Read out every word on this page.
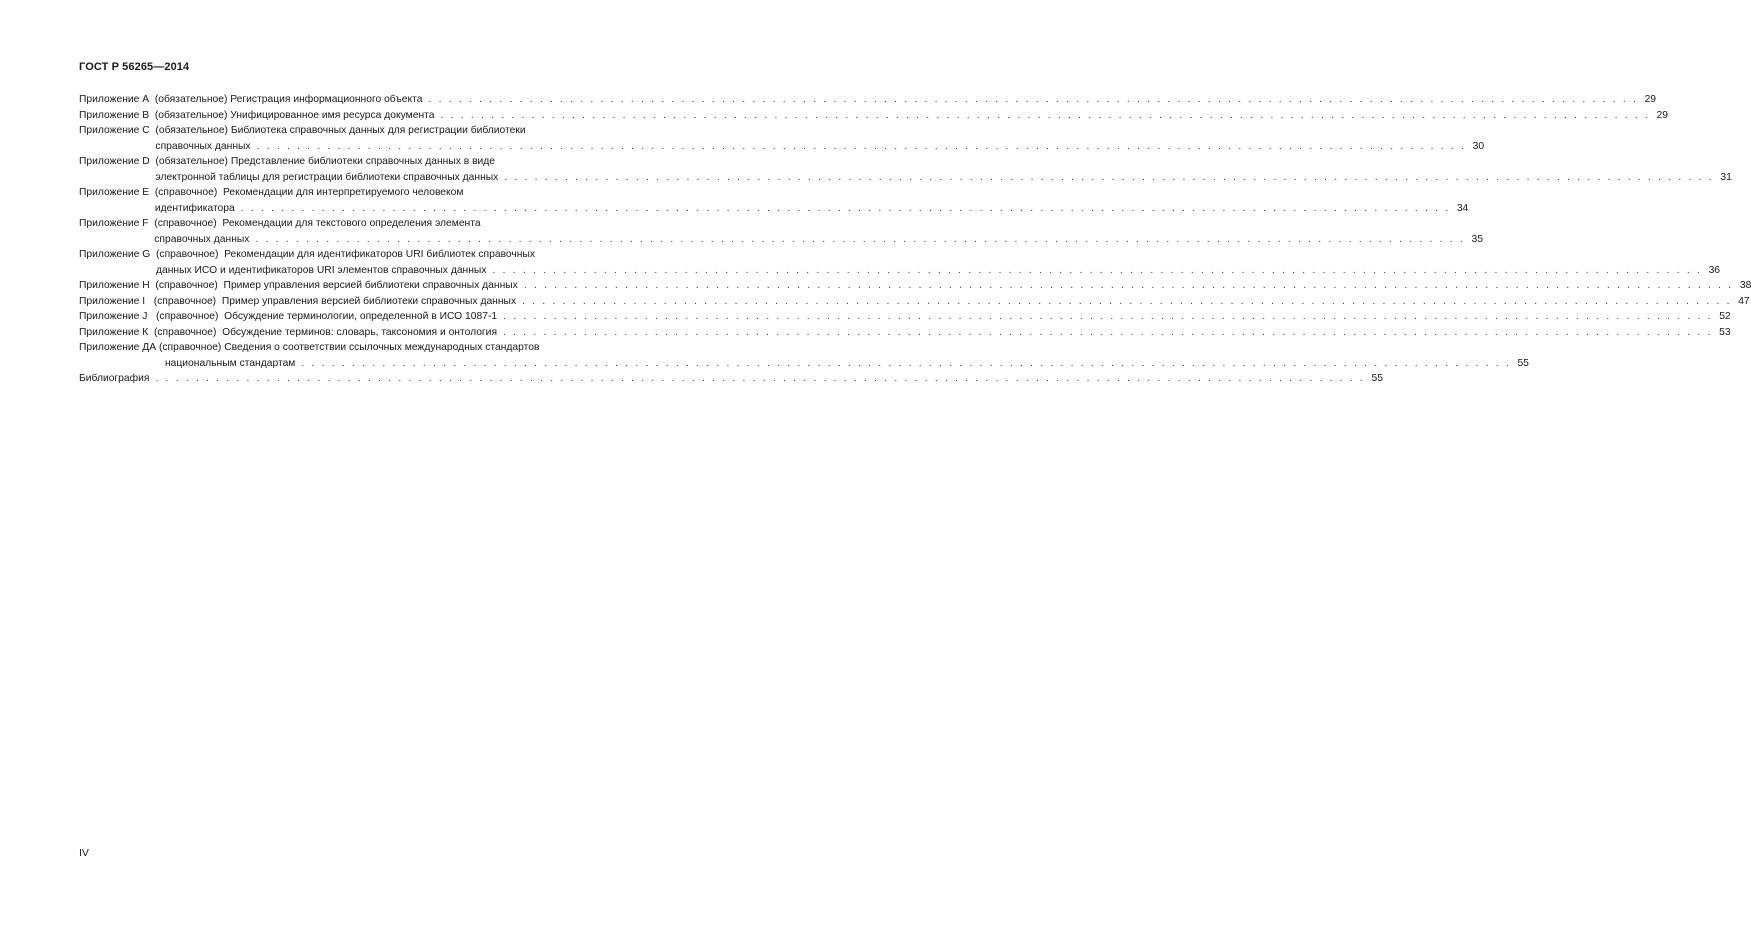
ГОСТ Р 56265—2014
Приложение А (обязательное) Регистрация информационного объекта . . . . . . . . . . . . . . . . . . . . . . . . . . . . . . . . . . . . . . . . . . . . . . . . . . . . . . . . . . . . . . . . . . . . . . . . . . . . . . . . . . . . . . . . . . . . . . . . . . . . . . . . . . . . . . . . . . . . . . . . 29
Приложение В (обязательное) Унифицированное имя ресурса документа . . . . . . . . . . . . . . . . . . . . . . . . . . . . . . . . . . . . . . . . . . . . . . . . . . . . . . . . . . . . . . . . . . . . . . . . . . . . . . . . . . . . . . . . . . . . . . . . . . . . . . . . . . . . . . . . . . . . . . . . 29
Приложение С (обязательное) Библиотека справочных данных для регистрации библиотеки
справочных данных . . . . . . . . . . . . . . . . . . . . . . . . . . . . . . . . . . . . . . . . . . . . . . . . . . . . . . . . . . . . . . . . . . . . . . . . . . . . . . . . . . . . . . . . . . . . . . . . . . . . . . . . . . . . . . . . . . . . . . . . 30
Приложение D (обязательное) Представление библиотеки справочных данных в виде
электронной таблицы для регистрации библиотеки справочных данных . . . . . . . . . . . . . . . . . . . . . . . . . . . . . . . . . . . . . . . . . . . . . . . . . . . . . . . . . . . . . . . . . . . . . . . . . . . . . . . . . . . . . . . . . . . . . . . . . . . . . . . . . . . . . . . . . . . . . . . . 31
Приложение Е (справочное)  Рекомендации для интерпретируемого человеком
идентификатора . . . . . . . . . . . . . . . . . . . . . . . . . . . . . . . . . . . . . . . . . . . . . . . . . . . . . . . . . . . . . . . . . . . . . . . . . . . . . . . . . . . . . . . . . . . . . . . . . . . . . . . . . . . . . . . . . . . . . . . . 34
Приложение F (справочное)  Рекомендации для текстового определения элемента
справочных данных . . . . . . . . . . . . . . . . . . . . . . . . . . . . . . . . . . . . . . . . . . . . . . . . . . . . . . . . . . . . . . . . . . . . . . . . . . . . . . . . . . . . . . . . . . . . . . . . . . . . . . . . . . . . . . . . . . . . . . . . 35
Приложение G (справочное)  Рекомендации для идентификаторов URI библиотек справочных
данных ИСО и идентификаторов URI элементов справочных данных . . . . . . . . . . . . . . . . . . . . . . . . . . . . . . . . . . . . . . . . . . . . . . . . . . . . . . . . . . . . . . . . . . . . . . . . . . . . . . . . . . . . . . . . . . . . . . . . . . . . . . . . . . . . . . . . . . . . . . . . 36
Приложение Н (справочное)  Пример управления версией библиотеки справочных данных . . . . . . . . . . . . . . . . . . . . . . . . . . . . . . . . . . . . . . . . . . . . . . . . . . . . . . . . . . . . . . . . . . . . . . . . . . . . . . . . . . . . . . . . . . . . . . . . . . . . . . . . . . . . . . . . . . . . . . . . 38
Приложение I (справочное)  Пример управления версией библиотеки справочных данных . . . . . . . . . . . . . . . . . . . . . . . . . . . . . . . . . . . . . . . . . . . . . . . . . . . . . . . . . . . . . . . . . . . . . . . . . . . . . . . . . . . . . . . . . . . . . . . . . . . . . . . . . . . . . . . . . . . . . . . . 47
Приложение J (справочное)  Обсуждение терминологии, определенной в ИСО 1087-1 . . . . . . . . . . . . . . . . . . . . . . . . . . . . . . . . . . . . . . . . . . . . . . . . . . . . . . . . . . . . . . . . . . . . . . . . . . . . . . . . . . . . . . . . . . . . . . . . . . . . . . . . . . . . . . . . . . . . . . . . 52
Приложение К (справочное)  Обсуждение терминов: словарь, таксономия и онтология . . . . . . . . . . . . . . . . . . . . . . . . . . . . . . . . . . . . . . . . . . . . . . . . . . . . . . . . . . . . . . . . . . . . . . . . . . . . . . . . . . . . . . . . . . . . . . . . . . . . . . . . . . . . . . . . . . . . . . . . 53
Приложение ДА (справочное) Сведения о соответствии ссылочных международных стандартов
национальным стандартам . . . . . . . . . . . . . . . . . . . . . . . . . . . . . . . . . . . . . . . . . . . . . . . . . . . . . . . . . . . . . . . . . . . . . . . . . . . . . . . . . . . . . . . . . . . . . . . . . . . . . . . . . . . . . . . . . . . . . . . . 55
Библиография . . . . . . . . . . . . . . . . . . . . . . . . . . . . . . . . . . . . . . . . . . . . . . . . . . . . . . . . . . . . . . . . . . . . . . . . . . . . . . . . . . . . . . . . . . . . . . . . . . . . . . . . . . . . . . . . . . . . . . . . 55
IV
